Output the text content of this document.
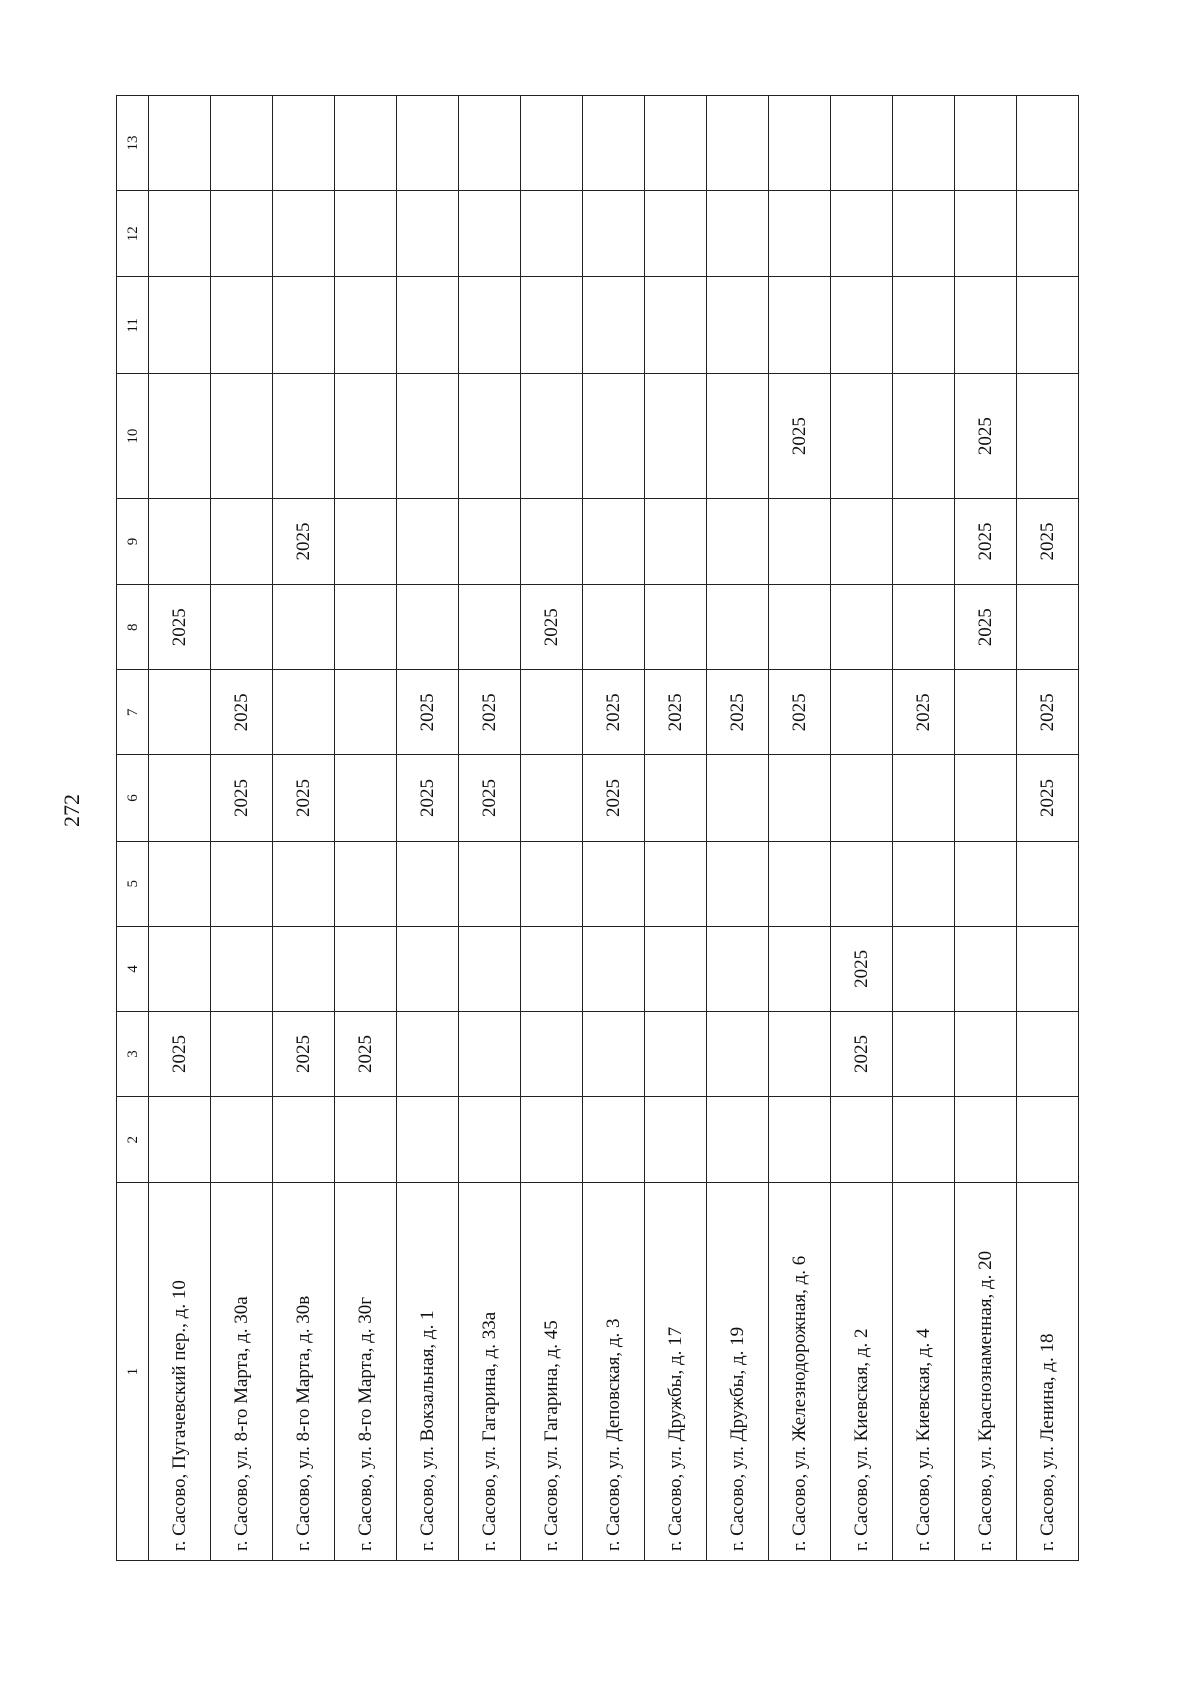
272
1	2	3	4	5	6	7	8	9	10	11	12	13
г. Сасово, Пугачевский пер., д. 10		2025					2025					
г. Сасово, ул. 8-го Марта, д. 30а					2025	2025						
г. Сасово, ул. 8-го Марта, д. 30в		2025			2025			2025				
г. Сасово, ул. 8-го Марта, д. 30г		2025										
г. Сасово, ул. Вокзальная, д. 1					2025	2025						
г. Сасово, ул. Гагарина, д. 33а					2025	2025						
г. Сасово, ул. Гагарина, д. 45							2025					
г. Сасово, ул. Деповская, д. 3					2025	2025						
г. Сасово, ул. Дружбы, д. 17						2025						
г. Сасово, ул. Дружбы, д. 19						2025						
г. Сасово, ул. Железнодорожная, д. 6						2025			2025			
г. Сасово, ул. Киевская, д. 2		2025	2025									
г. Сасово, ул. Киевская, д. 4						2025						
г. Сасово, ул. Краснознаменная, д. 20							2025	2025	2025			
г. Сасово, ул. Ленина, д. 18					2025	2025		2025				
